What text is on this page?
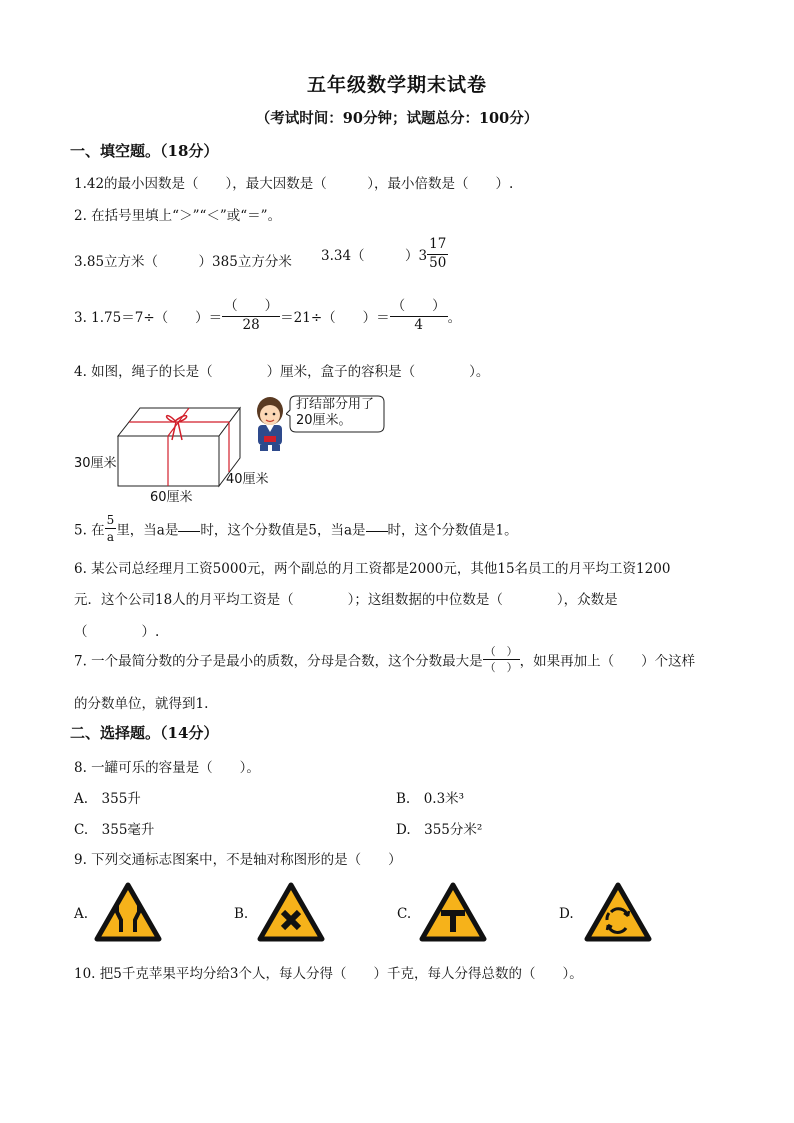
五年级数学期末试卷
（考试时间：90分钟；试题总分：100分）
一、填空题。（18分）
1.42的最小因数是（　　），最大因数是（　　　），最小倍数是（　　）.
2. 在括号里填上“＞”“＜”或“＝”。
3.85立方米（　　　）385立方分米 3.34（　　　）$3 \frac{17}{50}$
3. 1.75＝7÷（　　）＝ $\frac{( )}{28} =21\div$（　　）＝ $\frac{( )}{4}$ 。
4. 如图，绳子的长是（　　　　）厘米，盒子的容积是（　　　　）。
30厘米
60厘米
40厘米
打结部分用了
20厘米。
5. 在 $\frac{5}{a}$ 里，当a是 时，这个分数值是5，当a是 时，这个分数值是1。
6. 某公司总经理月工资5000元，两个副总的月工资都是2000元，其他15名员工的月平均工资1200
元．这个公司18人的月平均工资是（　　　　）；这组数据的中位数是（　　　　），众数是
（　　　　）.
7. 一个最简分数的分子是最小的质数，分母是合数，这个分数最大是 $\frac{( )}{( )}$ ，如果再加上（　　）个这样
的分数单位，就得到1.
二、选择题。（14分）
8. 一罐可乐的容量是（　　）。
A.　355升	B.　0.3米³
C.　355毫升	D.　355分米²
9. 下列交通标志图案中，不是轴对称图形的是（　　）
A.	B.	C.	D.
10. 把5千克苹果平均分给3个人，每人分得（　　）千克，每人分得总数的（　　）。
